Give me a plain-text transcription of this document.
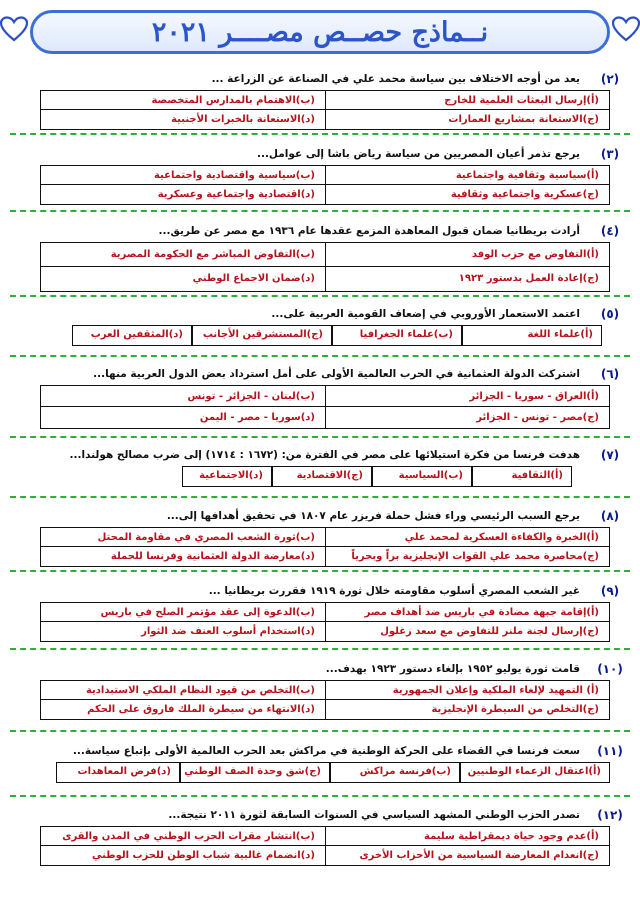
نــماذج حصــص مصــــر ٢٠٢١
(٢)
يعد من أوجه الاختلاف بين سياسة محمد علي في الصناعة عن الزراعة ...
(أ)إرسال البعثات العلمية للخارج
(ب)الاهتمام بالمدارس المتخصصة
(ج)الاستعانة بمشاريع العمارات
(د)الاستعانة بالخبرات الأجنبية
(٣)
يرجع تذمر أعيان المصريين من سياسة رياض باشا إلى عوامل...
(أ)سياسية وثقافية واجتماعية
(ب)سياسية واقتصادية واجتماعية
(ج)عسكرية واجتماعية وثقافية
(د)اقتصادية واجتماعية وعسكرية
(٤)
أرادت بريطانيا ضمان قبول المعاهدة المزمع عقدها عام ١٩٣٦ مع مصر عن طريق...
(أ)التفاوض مع حزب الوفد
(ب)التفاوض المباشر مع الحكومة المصرية
(ج)إعادة العمل بدستور ١٩٢٣
(د)ضمان الاجماع الوطني
(٥)
اعتمد الاستعمار الأوروبي في إضعاف القومية العربية على...
(أ)علماء اللغة
(ب)علماء الجغرافيا
(ج)المستشرقين الأجانب
(د)المثقفين العرب
(٦)
اشتركت الدولة العثمانية في الحرب العالمية الأولى على أمل استرداد بعض الدول العربية منها...
(أ)العراق - سوريا - الجزائر
(ب)لبنان - الجزائر - تونس
(ج)مصر - تونس - الجزائر
(د)سوريا - مصر - اليمن
(٧)
هدفت فرنسا من فكرة استيلائها على مصر في الفترة من: (١٦٧٢ : ١٧١٤) إلى ضرب مصالح هولندا...
(أ)الثقافية
(ب)السياسية
(ج)الاقتصادية
(د)الاجتماعية
(٨)
يرجع السبب الرئيسي وراء فشل حملة فريزر عام ١٨٠٧ في تحقيق أهدافها إلى...
(أ)الخبرة والكفاءة العسكرية لمحمد علي
(ب)ثورة الشعب المصري في مقاومة المحتل
(ج)محاصرة محمد علي القوات الإنجليزية براً وبحرياً
(د)معارضة الدولة العثمانية وفرنسا للحملة
(٩)
غير الشعب المصري أسلوب مقاومته خلال ثورة ١٩١٩ فقررت بريطانيا ...
(أ)إقامة جبهة مضادة في باريس ضد أهداف مصر
(ب)الدعوة إلى عقد مؤتمر الصلح في باريس
(ج)إرسال لجنة ملنر للتفاوض مع سعد زغلول
(د)استخدام أسلوب العنف ضد الثوار
(١٠)
قامت ثورة يوليو ١٩٥٢ بإلغاء دستور ١٩٢٣ بهدف...
(أ) التمهيد لإلغاء الملكية وإعلان الجمهورية
(ب)التخلص من قيود النظام الملكي الاستبدادية
(ج)التخلص من السيطرة الإنجليزية
(د)الانتهاء من سيطرة الملك فاروق على الحكم
(١١)
سعت فرنسا في القضاء على الحركة الوطنية في مراكش بعد الحرب العالمية الأولى بإتباع سياسة...
(أ)اعتقال الزعماء الوطنيين
(ب)فرنسة مراكش
(ج)شق وحدة الصف الوطني
(د)فرض المعاهدات
(١٢)
تصدر الحزب الوطني المشهد السياسي في السنوات السابقة لثورة ٢٠١١ نتيجة...
(أ)عدم وجود حياة ديمقراطية سليمة
(ب)انتشار مقرات الحزب الوطني في المدن والقرى
(ج)انعدام المعارضة السياسية من الأحزاب الأخرى
(د)انضمام غالبية شباب الوطن للحزب الوطني
